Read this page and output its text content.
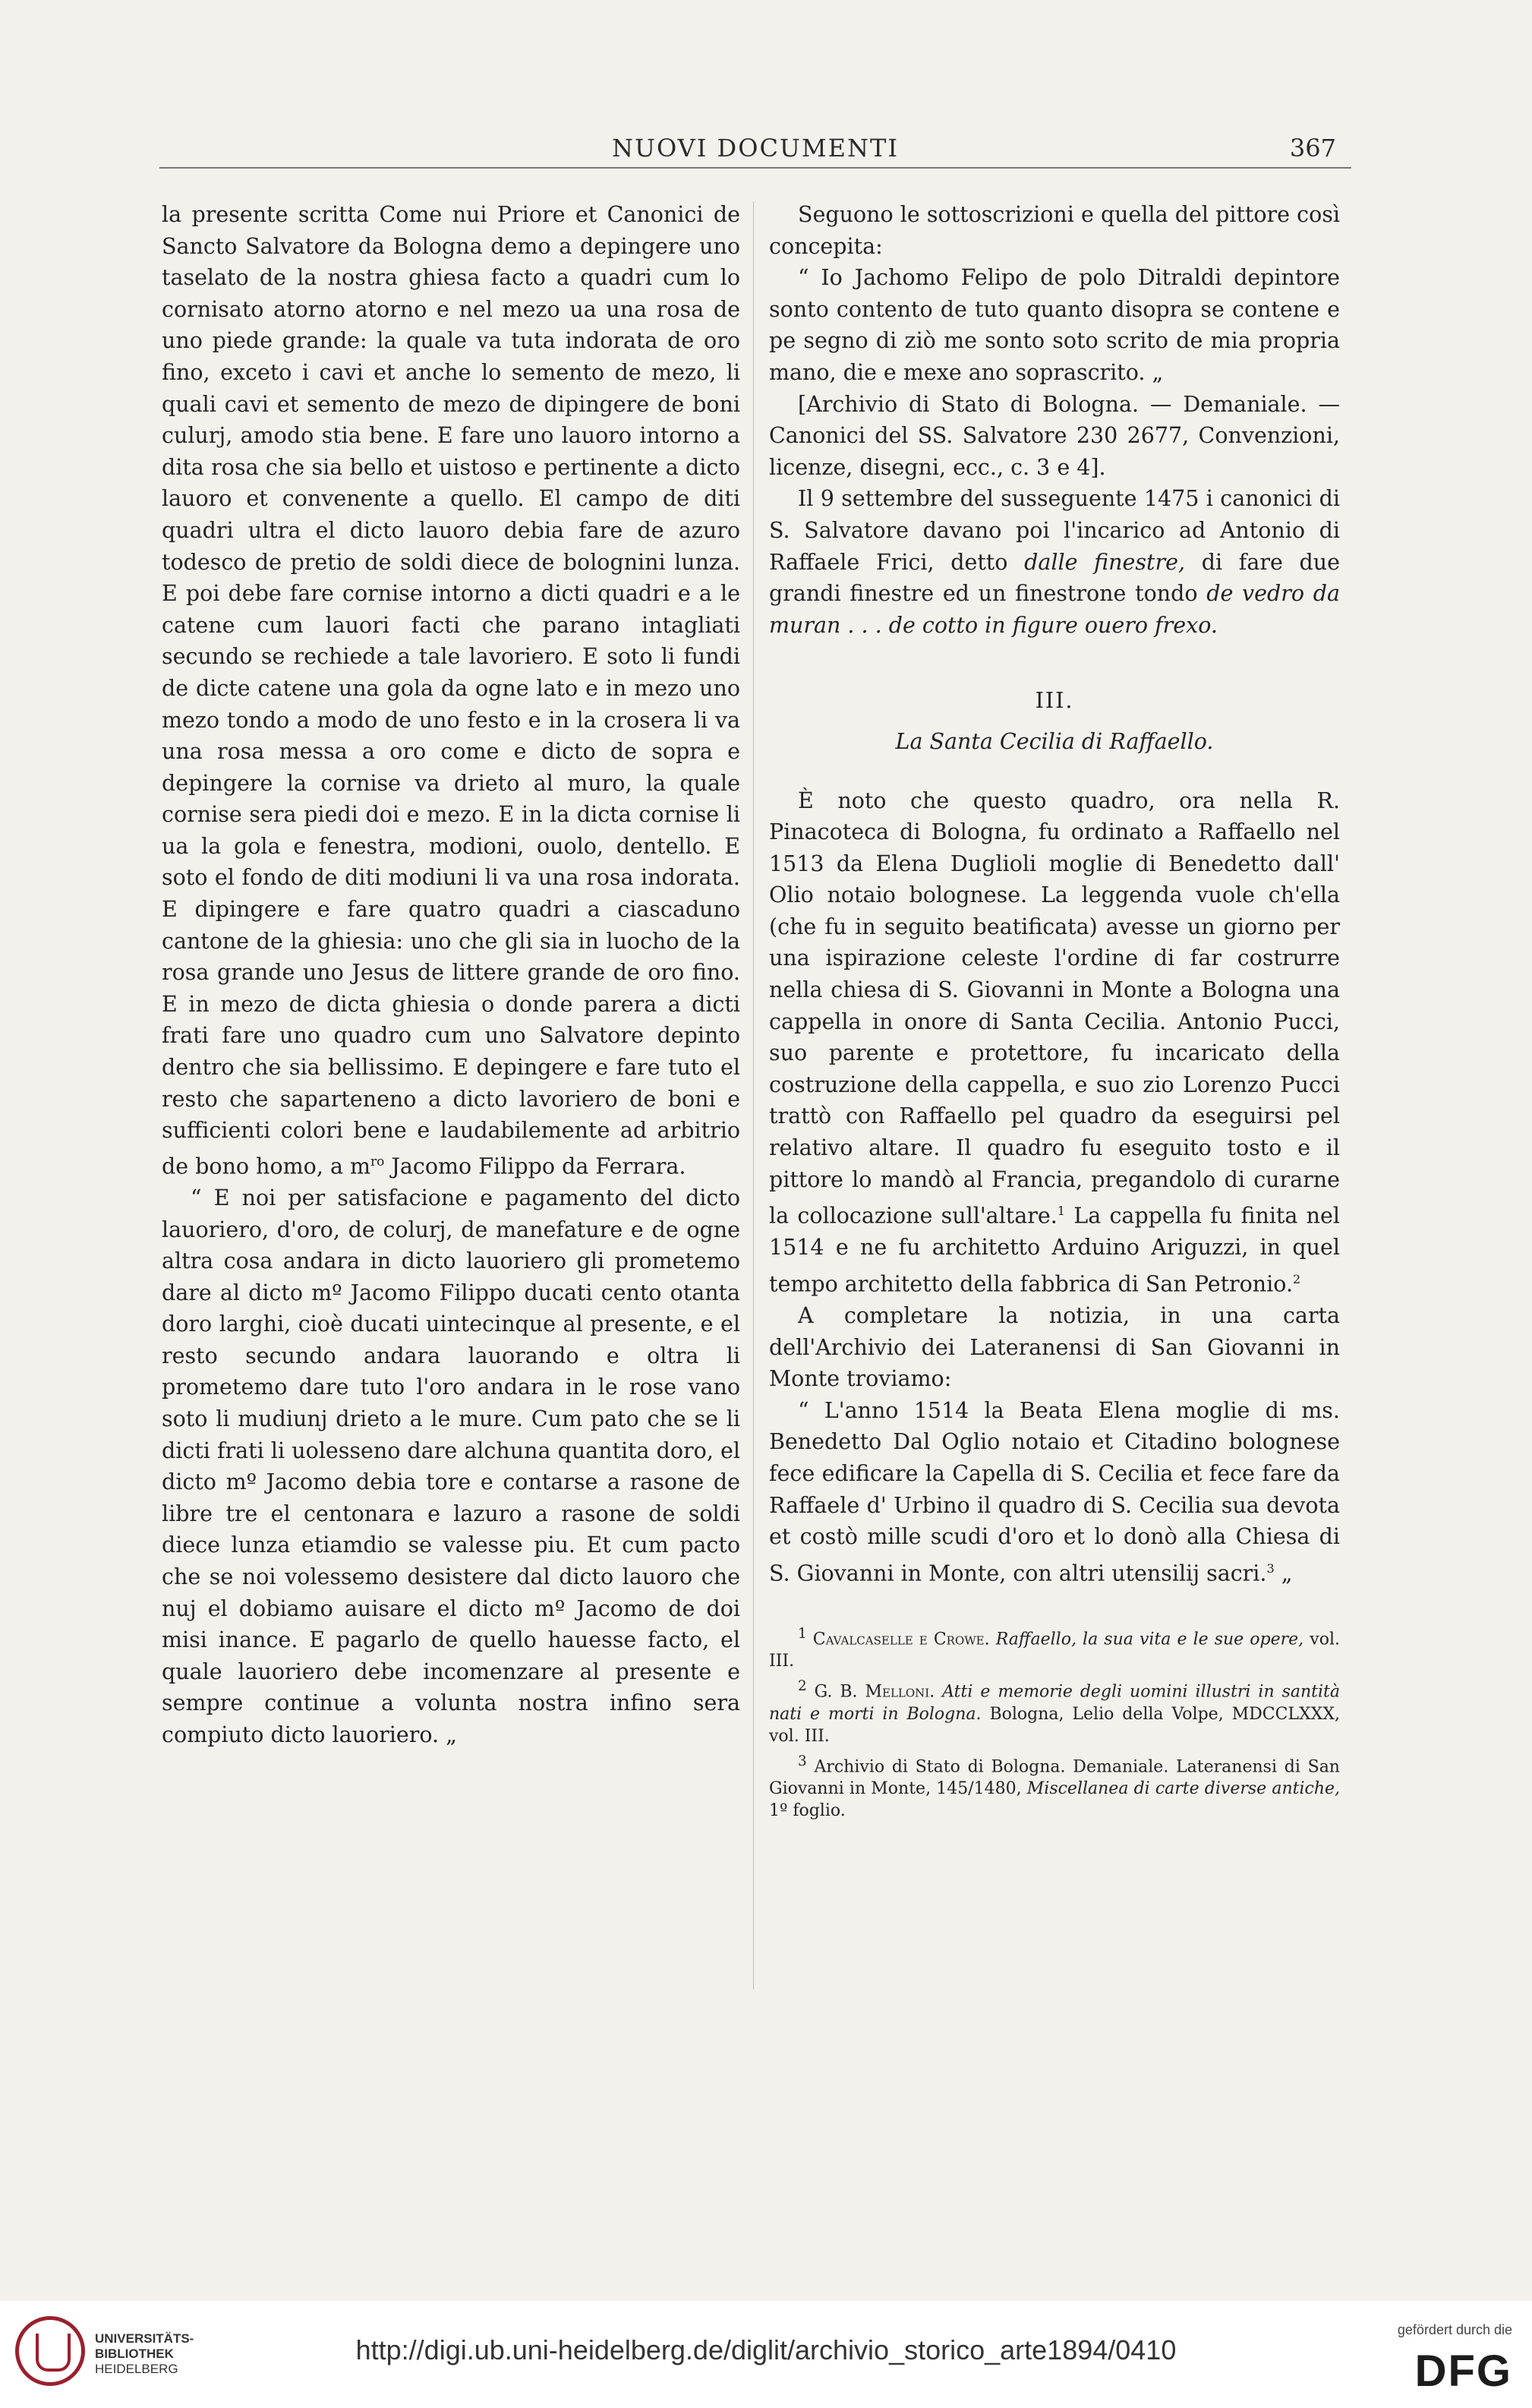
NUOVI DOCUMENTI	367

la presente scritta Come nui Priore et Canonici de Sancto Salvatore da Bologna demo a depingere uno taselato de la nostra ghiesa facto a quadri cum lo cornisato atorno atorno e nel mezo ua una rosa de uno piede grande: la quale va tuta indorata de oro fino, exceto i cavi et anche lo semento de mezo, li quali cavi et semento de mezo de dipingere de boni culurj, amodo stia bene. E fare uno lauoro intorno a dita rosa che sia bello et uistoso e pertinente a dicto lauoro et convenente a quello. El campo de diti quadri ultra el dicto lauoro debia fare de azuro todesco de pretio de soldi diece de bolognini lunza. E poi debe fare cornise intorno a dicti quadri e a le catene cum lauori facti che parano intagliati secundo se rechiede a tale lavoriero. E soto li fundi de dicte catene una gola da ogne lato e in mezo uno mezo tondo a modo de uno festo e in la crosera li va una rosa messa a oro come e dicto de sopra e depingere la cornise va drieto al muro, la quale cornise sera piedi doi e mezo. E in la dicta cornise li ua la gola e fenestra, modioni, ouolo, dentello. E soto el fondo de diti modiuni li va una rosa indorata. E dipingere e fare quatro quadri a ciascaduno cantone de la ghiesia: uno che gli sia in luocho de la rosa grande uno Jesus de littere grande de oro fino. E in mezo de dicta ghiesia o donde parera a dicti frati fare uno quadro cum uno Salvatore depinto dentro che sia bellissimo. E depingere e fare tuto el resto che saparteneno a dicto lavoriero de boni e sufficienti colori bene e laudabilemente ad arbitrio de bono homo, a $m^{ro}$ Jacomo Filippo da Ferrara.

“ E noi per satisfacione e pagamento del dicto lauoriero, d'oro, de colurj, de manefature e de ogne altra cosa andara in dicto lauoriero gli prometemo dare al dicto mº Jacomo Filippo ducati cento otanta doro larghi, cioè ducati uintecinque al presente, e el resto secundo andara lauorando e oltra li prometemo dare tuto l'oro andara in le rose vano soto li mudiunj drieto a le mure. Cum pato che se li dicti frati li uolesseno dare alchuna quantita doro, el dicto mº Jacomo debia tore e contarse a rasone de libre tre el centonara e lazuro a rasone de soldi diece lunza etiamdio se valesse piu. Et cum pacto che se noi volessemo desistere dal dicto lauoro che nuj el dobiamo auisare el dicto mº Jacomo de doi misi inance. E pagarlo de quello hauesse facto, el quale lauoriero debe incomenzare al presente e sempre continue a volunta nostra infino sera compiuto dicto lauoriero. „

Seguono le sottoscrizioni e quella del pittore così concepita:

“ Io Jachomo Felipo de polo Ditraldi depintore sonto contento de tuto quanto disopra se contene e pe segno di ziò me sonto soto scrito de mia propria mano, die e mexe ano soprascrito. „

[Archivio di Stato di Bologna. — Demaniale. — Canonici del SS. Salvatore 230 2677, Convenzioni, licenze, disegni, ecc., c. 3 e 4].

Il 9 settembre del susseguente 1475 i canonici di S. Salvatore davano poi l'incarico ad Antonio di Raffaele Frici, detto dalle finestre, di fare due grandi finestre ed un finestrone tondo de vedro da muran . . . de cotto in figure ouero frexo.

III.

La Santa Cecilia di Raffaello.

È noto che questo quadro, ora nella R. Pinacoteca di Bologna, fu ordinato a Raffaello nel 1513 da Elena Duglioli moglie di Benedetto dall' Olio notaio bolognese. La leggenda vuole ch'ella (che fu in seguito beatificata) avesse un giorno per una ispirazione celeste l'ordine di far costrurre nella chiesa di S. Giovanni in Monte a Bologna una cappella in onore di Santa Cecilia. Antonio Pucci, suo parente e protettore, fu incaricato della costruzione della cappella, e suo zio Lorenzo Pucci trattò con Raffaello pel quadro da eseguirsi pel relativo altare. Il quadro fu eseguito tosto e il pittore lo mandò al Francia, pregandolo di curarne la collocazione sull'altare.$^1$ La cappella fu finita nel 1514 e ne fu architetto Arduino Ariguzzi, in quel tempo architetto della fabbrica di San Petronio.$^2$

A completare la notizia, in una carta dell'Archivio dei Lateranensi di San Giovanni in Monte troviamo:

“ L'anno 1514 la Beata Elena moglie di ms. Benedetto Dal Oglio notaio et Citadino bolognese fece edificare la Capella di S. Cecilia et fece fare da Raffaele d' Urbino il quadro di S. Cecilia sua devota et costò mille scudi d'oro et lo donò alla Chiesa di S. Giovanni in Monte, con altri utensilij sacri.$^3$ „

$^1$ Cavalcaselle e Crowe. Raffaello, la sua vita e le sue opere, vol. III.

$^2$ G. B. Melloni. Atti e memorie degli uomini illustri in santità nati e morti in Bologna. Bologna, Lelio della Volpe, MDCCLXXX, vol. III.

$^3$ Archivio di Stato di Bologna. Demaniale. Lateranensi di San Giovanni in Monte, 145/1480, Miscellanea di carte diverse antiche, 1º foglio.

UNIVERSITÄTS-
BIBLIOTHEK
HEIDELBERG
http://digi.ub.uni-heidelberg.de/diglit/archivio_storico_arte1894/0410
gefördert durch die
DFG
